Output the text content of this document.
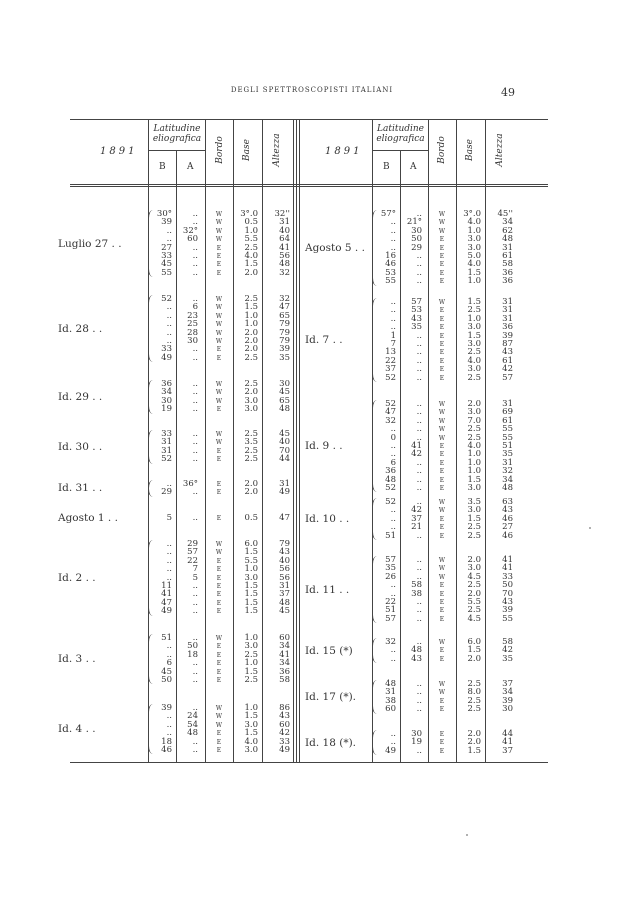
DEGLI SPETTROSCOPISTI ITALIANI	49
1891
Latitudine eliografica
B A
Bordo Base Altezza	1891
Latitudine eliografica
B A
Bordo Base Altezza
Luglio 27 . .
30°	..	W	3°.0	32''
39	..	W	0.5	31
..	32°	W	1.0	40
..	60	W	5.5	64
27	..	E	2.5	41
33	..	E	4.0	56
45	..	E	1.5	48
55	..	E	2.0	32
Id. 28 . .
52	..	W	2.5	32
..	6	W	1.5	47
..	23	W	1.0	65
..	25	W	1.0	79
..	28	W	2.0	79
..	30	W	2.0	79
33	..	E	2.0	39
49	..	E	2.5	35
Id. 29 . .
36	..	W	2.5	30
34	..	W	2.0	45
30	..	W	3.0	65
19	..	E	3.0	48
Id. 30 . .
33	..	W	2.5	45
31	..	W	3.5	40
31	..	E	2.5	70
52	..	E	2.5	44
Id. 31 . .	..	36°	E	2.0	31
29	..	E	2.0	49
Agosto 1 . .	5	..	E	0.5	47
Id. 2 . .
..	29	W	6.0	79
..	57	W	1.5	43
..	22	E	5.5	40
..	7	E	1.0	56
..	5	E	3.0	56
11	..	E	1.5	31
41	..	E	1.5	37
47	..	E	1.5	48
49	..	E	1.5	45
Id. 3 . .
51	..	W	1.0	60
..	50	E	3.0	34
..	18	E	2.5	41
6	..	E	1.0	34
45	..	E	1.5	36
50	..	E	2.5	58
Id. 4 . .
39	..	W	1.0	86
..	24	W	1.5	43
..	54	W	3.0	60
..	48	E	1.5	42
18	..	E	4.0	33
46	..	E	3.0	49
Agosto 5 . .
57°	..	W	3°.0	45''
..	21°	W	4.0	34
..	30	W	1.0	62
..	50	E	3.0	48
..	29	E	3.0	31
16	..	E	5.0	61
46	..	E	4.0	58
53	..	E	1.5	36
55	..	E	1.0	36
Id. 7 . .
..	57	W	1.5	31
..	53	E	2.5	31
..	43	E	1.0	31
..	35	E	3.0	36
1	..	E	1.5	39
7	..	E	3.0	87
13	..	E	2.5	43
22	..	E	4.0	61
37	..	E	3.0	42
52	..	E	2.5	57
Id. 9 . .
52	..	W	2.0	31
47	..	W	3.0	69
32	..	W	7.0	61
..	..	W	2.5	55
0	..	W	2.5	55
..	41	E	4.0	51
..	42	E	1.0	35
6	..	E	1.0	31
36	..	E	1.0	32
48	..	E	1.5	34
52	..	E	3.0	48
Id. 10 . .
52	..	W	3.5	63
..	42	W	3.0	43
..	37	E	1.5	46
..	21	E	2.5	27
51	..	E	2.5	46
Id. 11 . .
57	..	W	2.0	41
35	..	W	3.0	41
26	..	W	4.5	33
..	58	E	2.5	50
..	38	E	2.0	70
22	..	E	5.5	43
51	..	E	2.5	39
57	..	E	4.5	55
Id. 15 (*)
32	..	W	6.0	58
..	48	E	1.5	42
..	43	E	2.0	35
Id. 17 (*).
48	..	W	2.5	37
31	..	W	8.0	34
38	..	E	2.5	39
60	..	E	2.5	30
Id. 18 (*).
..	30	E	2.0	44
..	19	E	2.0	41
49	..	E	1.5	37
